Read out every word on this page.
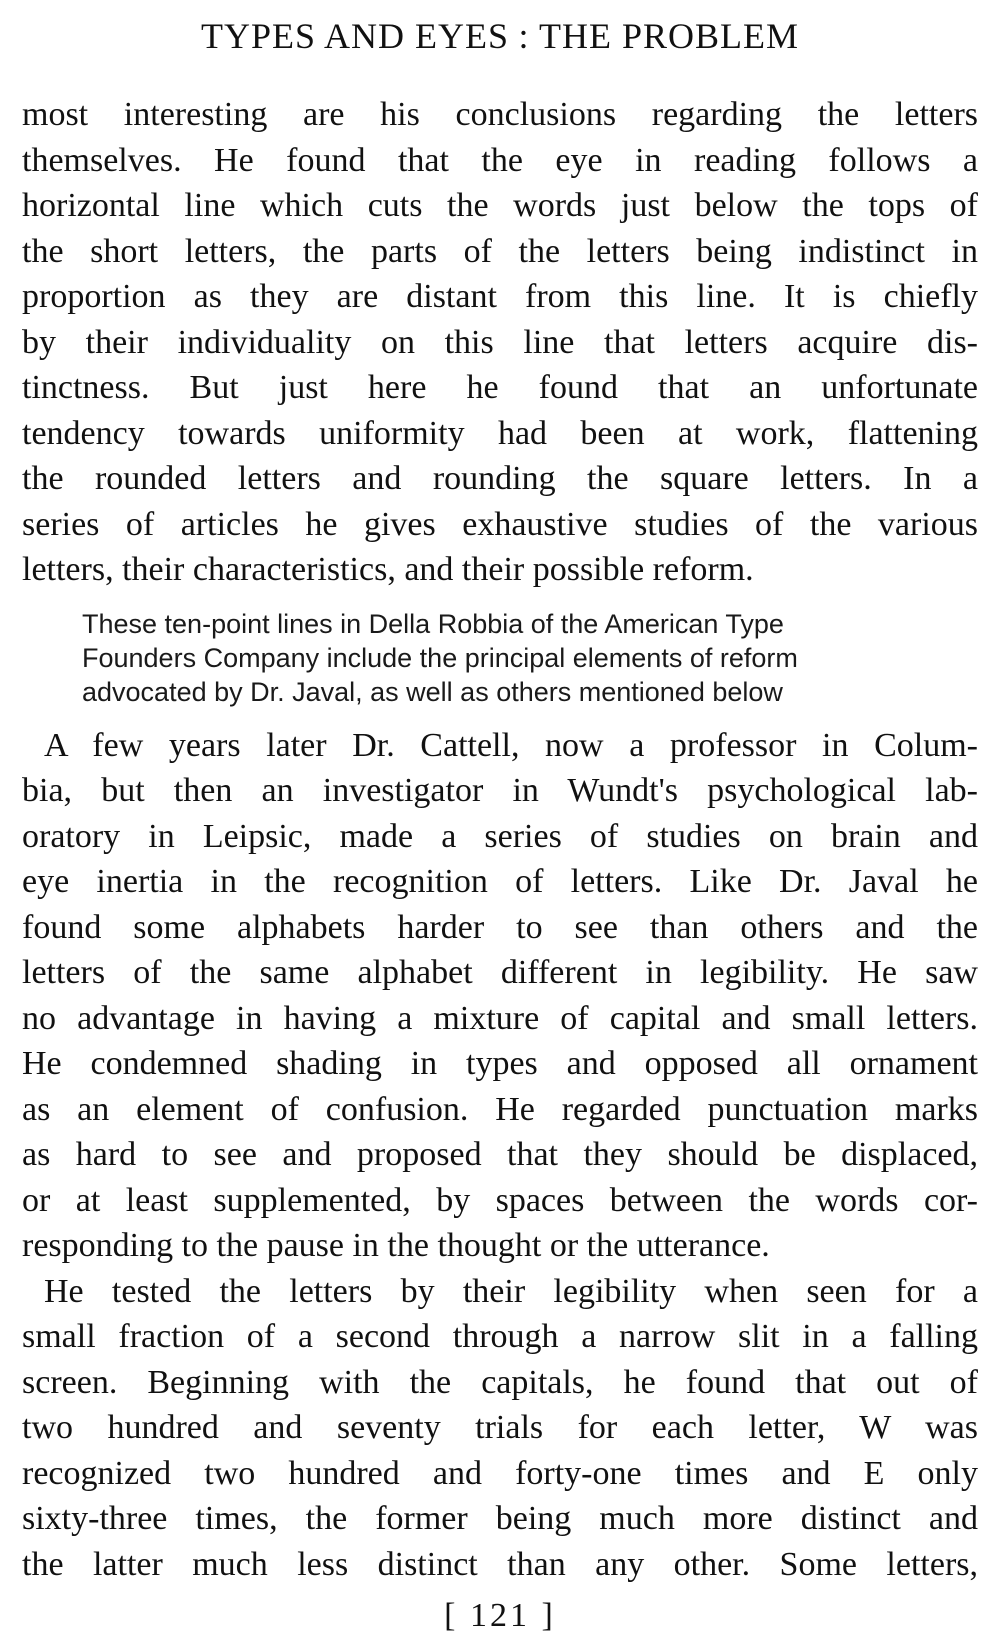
TYPES AND EYES : THE PROBLEM
most interesting are his conclusions regarding the letters
themselves. He found that the eye in reading follows a
horizontal line which cuts the words just below the tops of
the short letters, the parts of the letters being indistinct in
proportion as they are distant from this line. It is chiefly
by their individuality on this line that letters acquire dis-
tinctness. But just here he found that an unfortunate
tendency towards uniformity had been at work, flattening
the rounded letters and rounding the square letters. In a
series of articles he gives exhaustive studies of the various
letters, their characteristics, and their possible reform.
These ten-point lines in Della Robbia of the American Type
Founders Company include the principal elements of reform
advocated by Dr. Javal, as well as others mentioned below
A few years later Dr. Cattell, now a professor in Colum-
bia, but then an investigator in Wundt's psychological lab-
oratory in Leipsic, made a series of studies on brain and
eye inertia in the recognition of letters. Like Dr. Javal he
found some alphabets harder to see than others and the
letters of the same alphabet different in legibility. He saw
no advantage in having a mixture of capital and small letters.
He condemned shading in types and opposed all ornament
as an element of confusion. He regarded punctuation marks
as hard to see and proposed that they should be displaced,
or at least supplemented, by spaces between the words cor-
responding to the pause in the thought or the utterance.
He tested the letters by their legibility when seen for a
small fraction of a second through a narrow slit in a falling
screen. Beginning with the capitals, he found that out of
two hundred and seventy trials for each letter, W was
recognized two hundred and forty-one times and E only
sixty-three times, the former being much more distinct and
the latter much less distinct than any other. Some letters,
[ 121 ]
